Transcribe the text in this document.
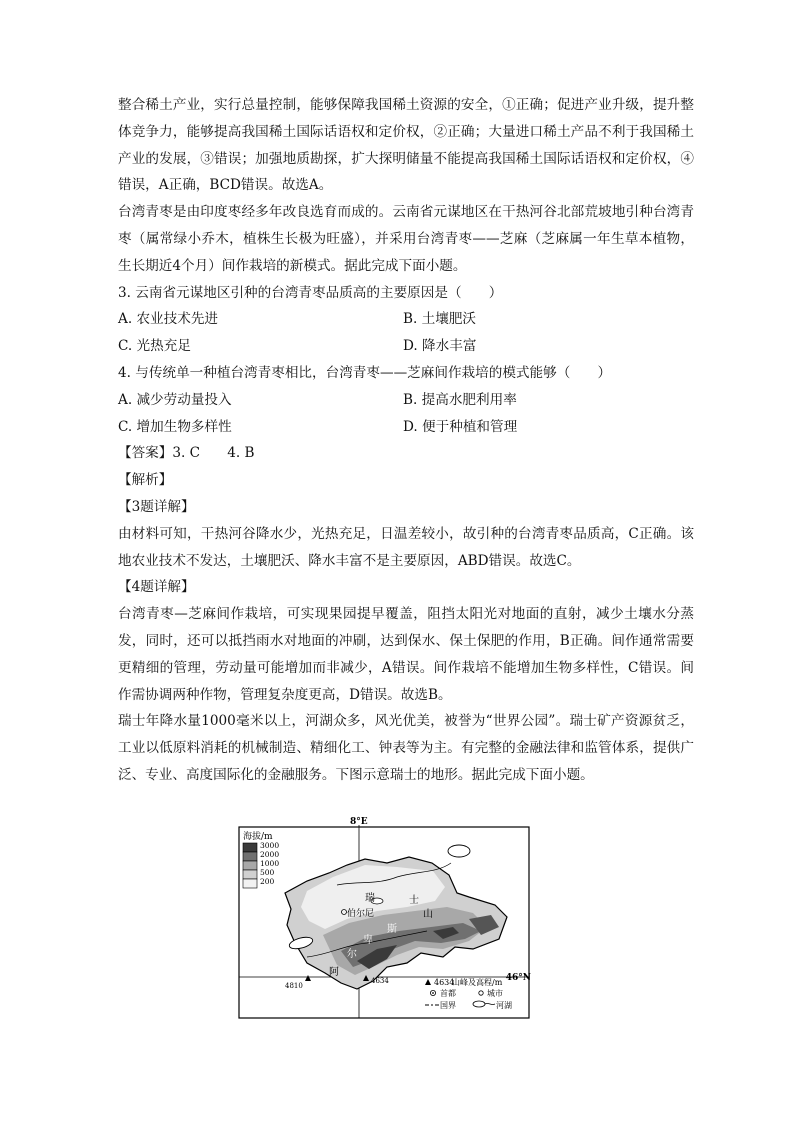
整合稀土产业，实行总量控制，能够保障我国稀土资源的安全，①正确；促进产业升级，提升整体竞争力，能够提高我国稀土国际话语权和定价权，②正确；大量进口稀土产品不利于我国稀土产业的发展，③错误；加强地质勘探，扩大探明储量不能提高我国稀土国际话语权和定价权，④错误，A正确，BCD错误。故选A。

台湾青枣是由印度枣经多年改良选育而成的。云南省元谋地区在干热河谷北部荒坡地引种台湾青枣（属常绿小乔木，植株生长极为旺盛），并采用台湾青枣——芝麻（芝麻属一年生草本植物，生长期近4个月）间作栽培的新模式。据此完成下面小题。

3. 云南省元谋地区引种的台湾青枣品质高的主要原因是（　　）

A. 农业技术先进	B. 土壤肥沃
C. 光热充足	D. 降水丰富

4. 与传统单一种植台湾青枣相比，台湾青枣——芝麻间作栽培的模式能够（　　）

A. 减少劳动量投入	B. 提高水肥利用率
C. 增加生物多样性	D. 便于种植和管理

【答案】3. C　　4. B

【解析】

【3题详解】

由材料可知，干热河谷降水少，光热充足，日温差较小，故引种的台湾青枣品质高，C正确。该地农业技术不发达，土壤肥沃、降水丰富不是主要原因，ABD错误。故选C。

【4题详解】

台湾青枣—芝麻间作栽培，可实现果园提早覆盖，阻挡太阳光对地面的直射，减少土壤水分蒸发，同时，还可以抵挡雨水对地面的冲刷，达到保水、保土保肥的作用，B正确。间作通常需要更精细的管理，劳动量可能增加而非减少，A错误。间作栽培不能增加生物多样性，C错误。间作需协调两种作物，管理复杂度更高，D错误。故选B。

瑞士年降水量1000毫米以上，河湖众多，风光优美，被誉为“世界公园”。瑞士矿产资源贫乏，工业以低原料消耗的机械制造、精细化工、钟表等为主。有完整的金融法律和监管体系，提供广泛、专业、高度国际化的金融服务。下图示意瑞士的地形。据此完成下面小题。

8°E
46°N
瑞	士
伯尔尼	山
斯
卑
尔
阿
4810
4634
海拔/m
3000
2000
1000
500
200
4634
山峰及高程/m
首都	城市
国界	河湖
